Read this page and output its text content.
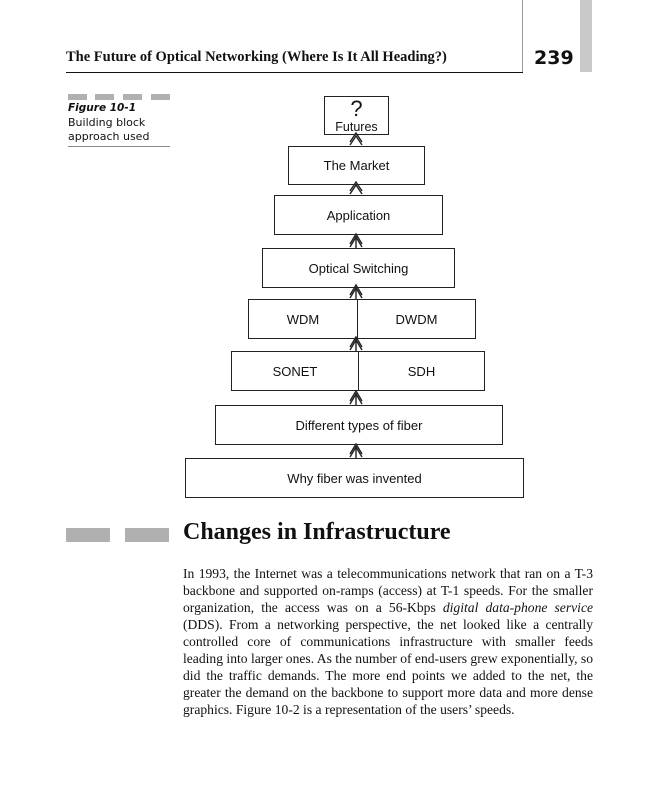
The Future of Optical Networking (Where Is It All Heading?)	239
Figure 10-1
Building block approach used
?
Futures
The Market
Application
Optical Switching
WDM	DWDM
SONET	SDH
Different types of fiber
Why fiber was invented
Changes in Infrastructure
In 1993, the Internet was a telecommunications network that ran on a T-3 backbone and supported on-ramps (access) at T-1 speeds. For the smaller organization, the access was on a 56-Kbps digital data-phone service (DDS). From a networking perspective, the net looked like a centrally controlled core of communications infrastructure with smaller feeds leading into larger ones. As the number of end-users grew exponentially, so did the traffic demands. The more end points we added to the net, the greater the demand on the backbone to support more data and more dense graphics. Figure 10-2 is a representation of the users’ speeds.
